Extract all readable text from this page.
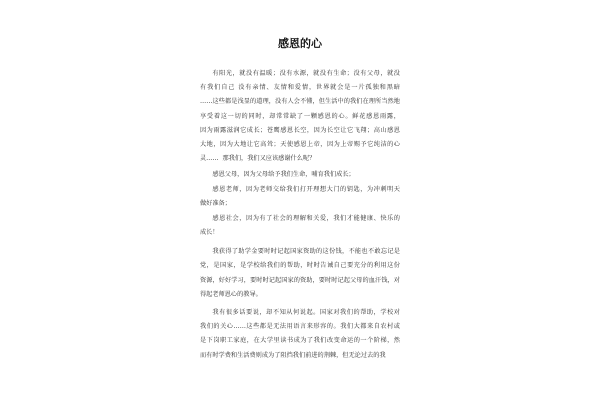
感恩的心
有阳光，就没有温暖；没有水源，就没有生命；没有父母，就没
有我们自己 没有亲情、友情和爱情，世界就会是一片孤独和黑暗
……这些都是浅显的道理，没有人会不懂，但生活中的我们在理所当然地
享受着这一切的同时，却常常缺了一颗感恩的心。鲜花感恩雨露，
因为雨露滋润它成长；苍鹰感恩长空，因为长空让它飞翔；高山感恩
大地，因为大地让它高耸；天使感恩上帝，因为上帝赐予它纯洁的心
灵……  那我们，我们又应该感谢什么呢？
感恩父母，因为父母给予我们生命，哺育我们成长；
感恩老师，因为老师交给我们打开理想大门的钥匙，为冲刺明天
做好准备；
感恩社会，因为有了社会的理解和关爱，我们才能健康、快乐的
成长！
我获得了助学金要时时记起国家资助的这份钱，不能也不敢忘记是
党，是国家，是学校给我们的帮助，时时告诫自己要充分的利用这份
资源，好好学习，要时时记起国家的资助，要时时记起父母的血汗钱，对
得起老师恩心的教导。
我有很多话要说，却不知从何说起。国家对我们的帮助，学校对
我们的关心……这些都是无法用语言来形容的。我们大都来自农村或
是下岗职工家庭，在大学里读书成为了我们改变命运的一个阶梯，然
而有时学费和生活费则成为了阻挡我们前进的荆棘，但无论过去的我
